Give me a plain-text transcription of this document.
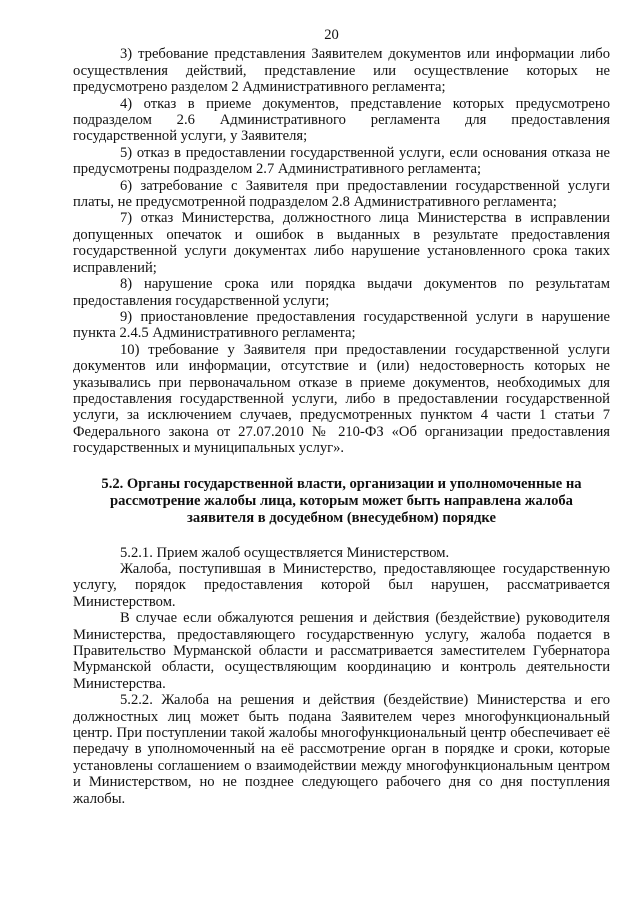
20

3) требование представления Заявителем документов или информации либо осуществления действий, представление или осуществление которых не предусмотрено разделом 2 Административного регламента;

4) отказ в приеме документов, представление которых предусмотрено подразделом 2.6 Административного регламента для предоставления государственной услуги, у Заявителя;

5) отказ в предоставлении государственной услуги, если основания отказа не предусмотрены подразделом 2.7 Административного регламента;

6) затребование с Заявителя при предоставлении государственной услуги платы, не предусмотренной подразделом 2.8 Административного регламента;

7) отказ Министерства, должностного лица Министерства в исправлении допущенных опечаток и ошибок в выданных в результате предоставления государственной услуги документах либо нарушение установленного срока таких исправлений;

8) нарушение срока или порядка выдачи документов по результатам предоставления государственной услуги;

9) приостановление предоставления государственной услуги в нарушение пункта 2.4.5 Административного регламента;

10) требование у Заявителя при предоставлении государственной услуги документов или информации, отсутствие и (или) недостоверность которых не указывались при первоначальном отказе в приеме документов, необходимых для предоставления государственной услуги, либо в предоставлении государственной услуги, за исключением случаев, предусмотренных пунктом 4 части 1 статьи 7 Федерального закона от 27.07.2010 № 210-ФЗ «Об организации предоставления государственных и муниципальных услуг».

5.2. Органы государственной власти, организации и уполномоченные на рассмотрение жалобы лица, которым может быть направлена жалоба заявителя в досудебном (внесудебном) порядке

5.2.1. Прием жалоб осуществляется Министерством.

Жалоба, поступившая в Министерство, предоставляющее государственную услугу, порядок предоставления которой был нарушен, рассматривается Министерством.

В случае если обжалуются решения и действия (бездействие) руководителя Министерства, предоставляющего государственную услугу, жалоба подается в Правительство Мурманской области и рассматривается заместителем Губернатора Мурманской области, осуществляющим координацию и контроль деятельности Министерства.

5.2.2. Жалоба на решения и действия (бездействие) Министерства и его должностных лиц может быть подана Заявителем через многофункциональный центр. При поступлении такой жалобы многофункциональный центр обеспечивает её передачу в уполномоченный на её рассмотрение орган в порядке и сроки, которые установлены соглашением о взаимодействии между многофункциональным центром и Министерством, но не позднее следующего рабочего дня со дня поступления жалобы.
